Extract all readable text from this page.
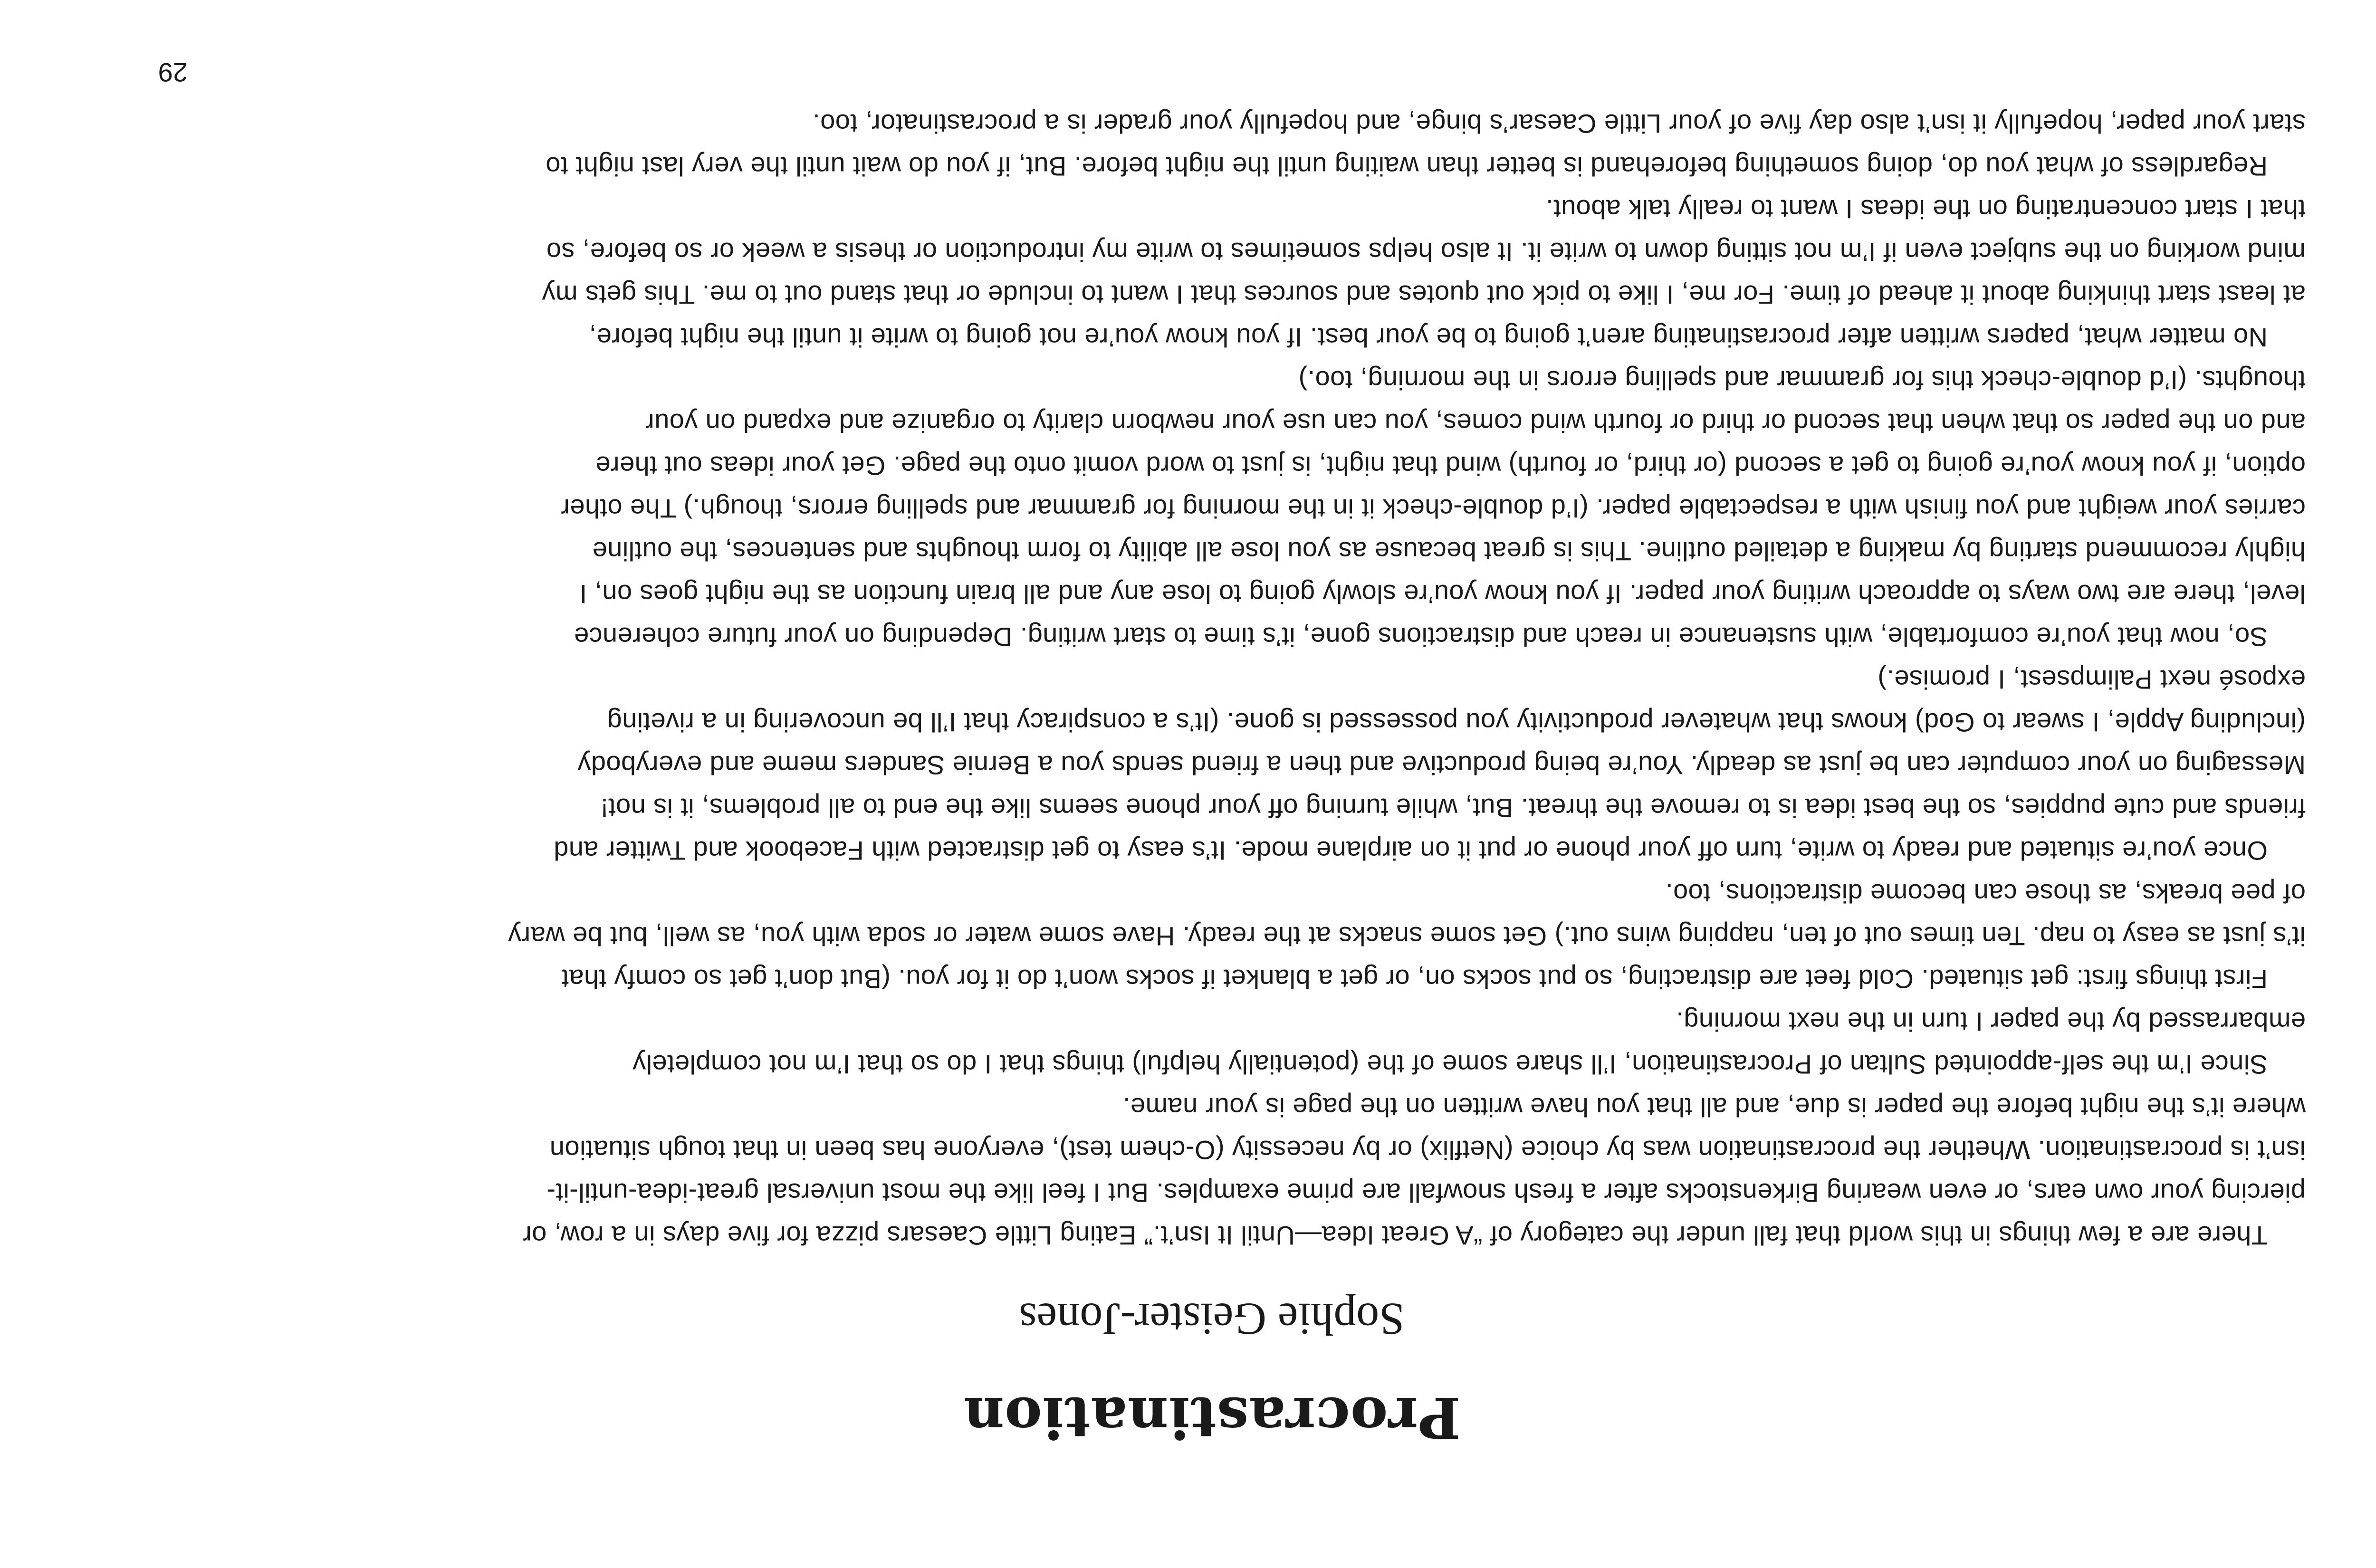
Procrastination
Sophie Geister-Jones
There are a few things in this world that fall under the category of “A Great Idea—Until It Isn’t.” Eating Little Caesars pizza for five days in a row, or
piercing your own ears, or even wearing Birkenstocks after a fresh snowfall are prime examples. But I feel like the most universal great-idea-until-it-
isn’t is procrastination. Whether the procrastination was by choice (Netflix) or by necessity (O-chem test), everyone has been in that tough situation
where it’s the night before the paper is due, and all that you have written on the page is your name.
Since I’m the self-appointed Sultan of Procrastination, I’ll share some of the (potentially helpful) things that I do so that I’m not completely
embarrassed by the paper I turn in the next morning.
First things first: get situated. Cold feet are distracting, so put socks on, or get a blanket if socks won’t do it for you. (But don’t get so comfy that
it’s just as easy to nap. Ten times out of ten, napping wins out.) Get some snacks at the ready. Have some water or soda with you, as well, but be wary
of pee breaks, as those can become distractions, too.
Once you’re situated and ready to write, turn off your phone or put it on airplane mode. It’s easy to get distracted with Facebook and Twitter and
friends and cute puppies, so the best idea is to remove the threat. But, while turning off your phone seems like the end to all problems, it is not!
Messaging on your computer can be just as deadly. You’re being productive and then a friend sends you a Bernie Sanders meme and everybody
(including Apple, I swear to God) knows that whatever productivity you possessed is gone. (It’s a conspiracy that I’ll be uncovering in a riveting
exposé next Palimpsest, I promise.)
So, now that you’re comfortable, with sustenance in reach and distractions gone, it’s time to start writing. Depending on your future coherence
level, there are two ways to approach writing your paper. If you know you’re slowly going to lose any and all brain function as the night goes on, I
highly recommend starting by making a detailed outline. This is great because as you lose all ability to form thoughts and sentences, the outline
carries your weight and you finish with a respectable paper. (I’d double-check it in the morning for grammar and spelling errors, though.) The other
option, if you know you’re going to get a second (or third, or fourth) wind that night, is just to word vomit onto the page. Get your ideas out there
and on the paper so that when that second or third or fourth wind comes, you can use your newborn clarity to organize and expand on your
thoughts. (I’d double-check this for grammar and spelling errors in the morning, too.)
No matter what, papers written after procrastinating aren’t going to be your best. If you know you’re not going to write it until the night before,
at least start thinking about it ahead of time. For me, I like to pick out quotes and sources that I want to include or that stand out to me. This gets my
mind working on the subject even if I’m not sitting down to write it. It also helps sometimes to write my introduction or thesis a week or so before, so
that I start concentrating on the ideas I want to really talk about.
Regardless of what you do, doing something beforehand is better than waiting until the night before. But, if you do wait until the very last night to
start your paper, hopefully it isn’t also day five of your Little Caesar’s binge, and hopefully your grader is a procrastinator, too.
29
